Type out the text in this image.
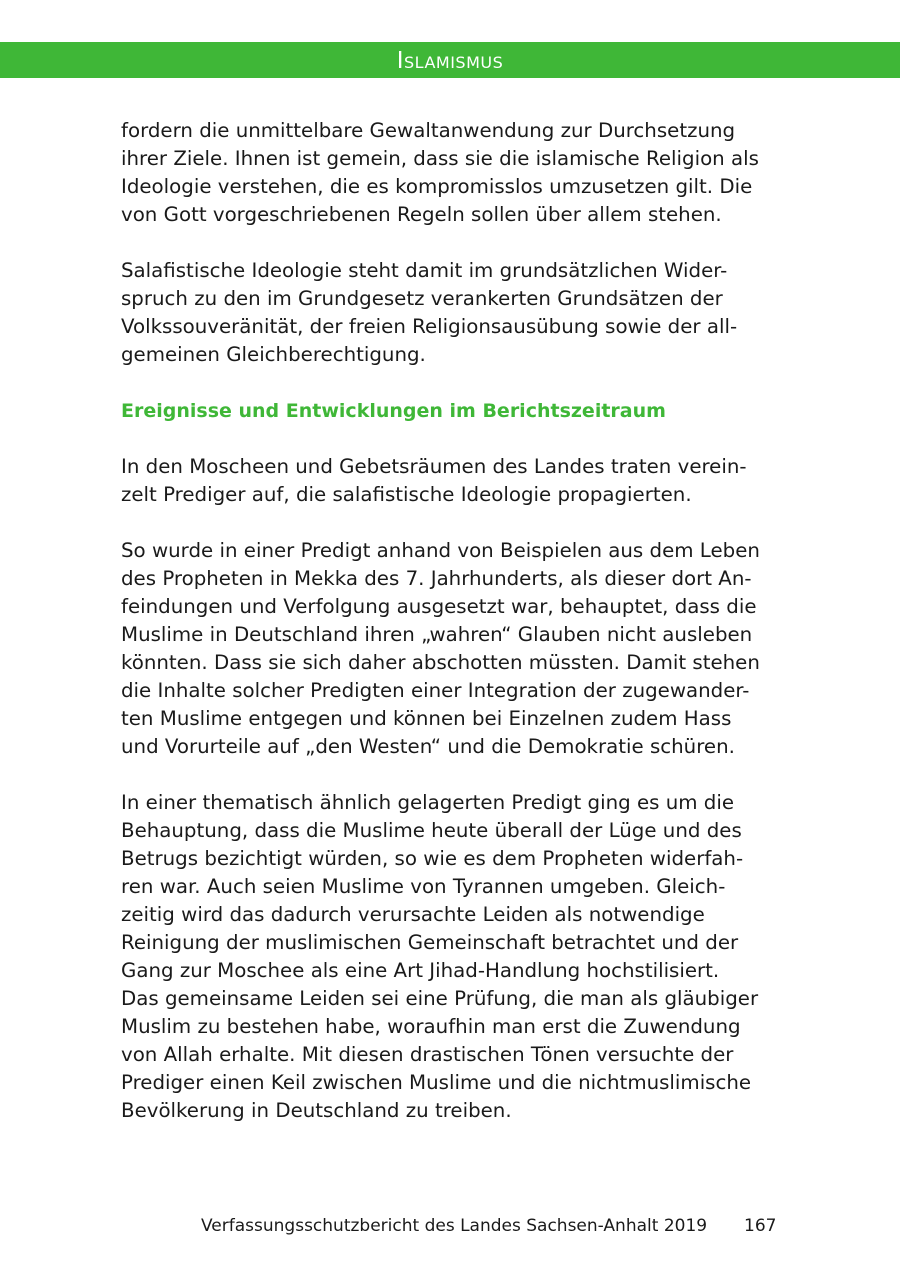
Islamismus

fordern die unmittelbare Gewaltanwendung zur Durchsetzung

ihrer Ziele. Ihnen ist gemein, dass sie die islamische Religion als

Ideologie verstehen, die es kompromisslos umzusetzen gilt. Die

von Gott vorgeschriebenen Regeln sollen über allem stehen.

Salafistische Ideologie steht damit im grundsätzlichen Wider-

spruch zu den im Grundgesetz verankerten Grundsätzen der

Volkssouveränität, der freien Religionsausübung sowie der all-

gemeinen Gleichberechtigung.

Ereignisse und Entwicklungen im Berichtszeitraum

In den Moscheen und Gebetsräumen des Landes traten verein-

zelt Prediger auf, die salafistische Ideologie propagierten.

So wurde in einer Predigt anhand von Beispielen aus dem Leben

des Propheten in Mekka des 7. Jahrhunderts, als dieser dort An-

feindungen und Verfolgung ausgesetzt war, behauptet, dass die

Muslime in Deutschland ihren „wahren“ Glauben nicht ausleben

könnten. Dass sie sich daher abschotten müssten. Damit stehen

die Inhalte solcher Predigten einer Integration der zugewander-

ten Muslime entgegen und können bei Einzelnen zudem Hass

und Vorurteile auf „den Westen“ und die Demokratie schüren.

In einer thematisch ähnlich gelagerten Predigt ging es um die

Behauptung, dass die Muslime heute überall der Lüge und des

Betrugs bezichtigt würden, so wie es dem Propheten widerfah-

ren war. Auch seien Muslime von Tyrannen umgeben. Gleich-

zeitig wird das dadurch verursachte Leiden als notwendige

Reinigung der muslimischen Gemeinschaft betrachtet und der

Gang zur Moschee als eine Art Jihad-Handlung hochstilisiert.

Das gemeinsame Leiden sei eine Prüfung, die man als gläubiger

Muslim zu bestehen habe, woraufhin man erst die Zuwendung

von Allah erhalte. Mit diesen drastischen Tönen versuchte der

Prediger einen Keil zwischen Muslime und die nichtmuslimische

Bevölkerung in Deutschland zu treiben.

Verfassungsschutzbericht des Landes Sachsen-Anhalt 2019 167
